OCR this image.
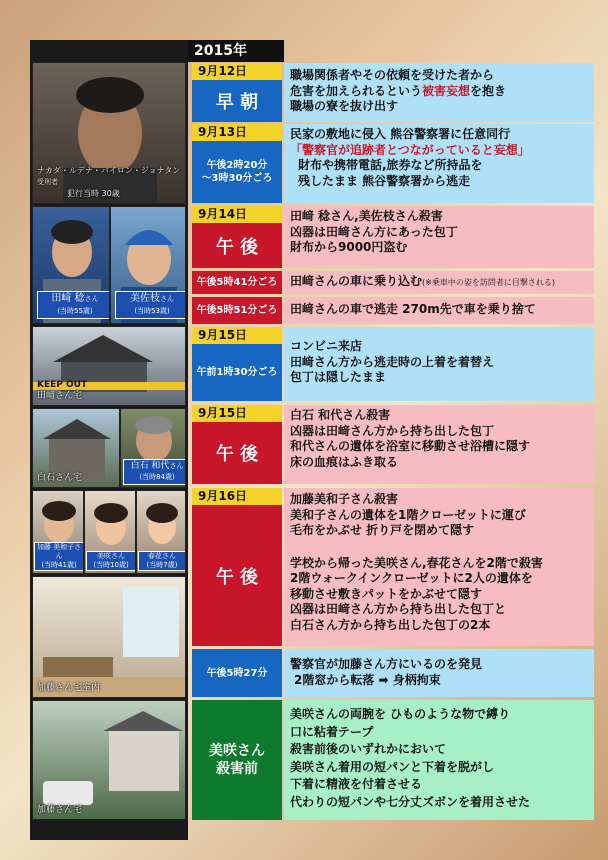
2015年
ナカダ・ルデナ・バイロン・ジョナタン 受刑者
犯行当時 30歳
田﨑 稔さん
(当時55歳)
美佐枝さん
(当時53歳)
KEEP OUT
田﨑さん宅
白石さん宅
白石 和代さん
(当時84歳)
加藤 美和子さん
(当時41歳)
美咲さん
(当時10歳)
春花さん
(当時7歳)
加藤さん宅室内
加藤さん宅
9月12日
早 朝
職場関係者やその依頼を受けた者から
危害を加えられるという被害妄想を抱き
職場の寮を抜け出す
9月13日
午後2時20分
〜3時30分ごろ
民家の敷地に侵入 熊谷警察署に任意同行
「警察官が追跡者とつながっていると妄想」
財布や携帯電話,旅券など所持品を
残したまま 熊谷警察署から逃走
9月14日
午 後
田﨑 稔さん,美佐枝さん殺害
凶器は田﨑さん方にあった包丁
財布から9000円盗む
午後5時41分ごろ	田﨑さんの車に乗り込む(※乗車中の姿を訪問者に目撃される)
午後5時51分ごろ	田﨑さんの車で逃走 270m先で車を乗り捨て
9月15日
午前1時30分ごろ
コンビニ来店
田﨑さん方から逃走時の上着を着替え
包丁は隠したまま
9月15日
午 後
白石 和代さん殺害
凶器は田﨑さん方から持ち出した包丁
和代さんの遺体を浴室に移動させ浴槽に隠す
床の血痕はふき取る
9月16日
午 後
加藤美和子さん殺害
美和子さんの遺体を1階クローゼットに運び
毛布をかぶせ 折り戸を閉めて隠す
学校から帰った美咲さん,春花さんを2階で殺害
2階ウォークインクローゼットに2人の遺体を
移動させ敷きパットをかぶせて隠す
凶器は田﨑さん方から持ち出した包丁と
白石さん方から持ち出した包丁の2本
午後5時27分
警察官が加藤さん方にいるのを発見
2階窓から転落 ➡ 身柄拘束
美咲さん
殺害前
美咲さんの両腕を ひものような物で縛り
口に粘着テープ
殺害前後のいずれかにおいて
美咲さん着用の短パンと下着を脱がし
下着に精液を付着させる
代わりの短パンや七分丈ズボンを着用させた
